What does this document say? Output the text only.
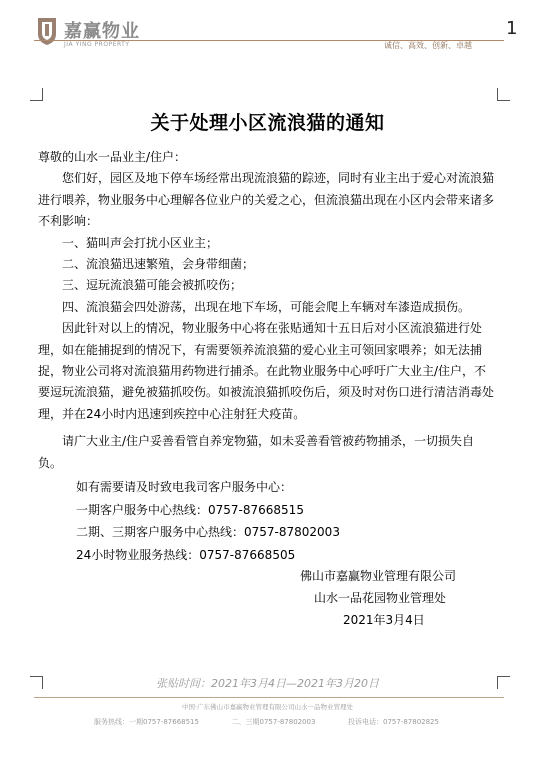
嘉赢物业
JIA YING PROPERTY
1
诚信、高效、创新、卓越
关于处理小区流浪猫的通知

尊敬的山水一品业主/住户：

您们好，园区及地下停车场经常出现流浪猫的踪迹，同时有业主出于爱心对流浪猫进行喂养，物业服务中心理解各位业户的关爱之心，但流浪猫出现在小区内会带来诸多不利影响：

一、猫叫声会打扰小区业主；

二、流浪猫迅速繁殖，会身带细菌；

三、逗玩流浪猫可能会被抓咬伤；

四、流浪猫会四处游荡，出现在地下车场，可能会爬上车辆对车漆造成损伤。

因此针对以上的情况，物业服务中心将在张贴通知十五日后对小区流浪猫进行处理，如在能捕捉到的情况下，有需要领养流浪猫的爱心业主可领回家喂养；如无法捕捉，物业公司将对流浪猫用药物进行捕杀。在此物业服务中心呼吁广大业主/住户，不要逗玩流浪猫，避免被猫抓咬伤。如被流浪猫抓咬伤后，须及时对伤口进行清洁消毒处理，并在24小时内迅速到疾控中心注射狂犬疫苗。

请广大业主/住户妥善看管自养宠物猫，如未妥善看管被药物捕杀，一切损失自负。

如有需要请及时致电我司客户服务中心：

一期客户服务中心热线：0757-87668515

二期、三期客户服务中心热线：0757-87802003

24小时物业服务热线：0757-87668505

佛山市嘉赢物业管理有限公司
山水一品花园物业管理处
2021年3月4日
张贴时间：2021年3月4日—2021年3月20日
中国·广东佛山市嘉赢物业管理有限公司山水一品物业管理处
服务热线：一期0757-87668515	二、三期0757-87802003	投诉电话：0757-87802825
